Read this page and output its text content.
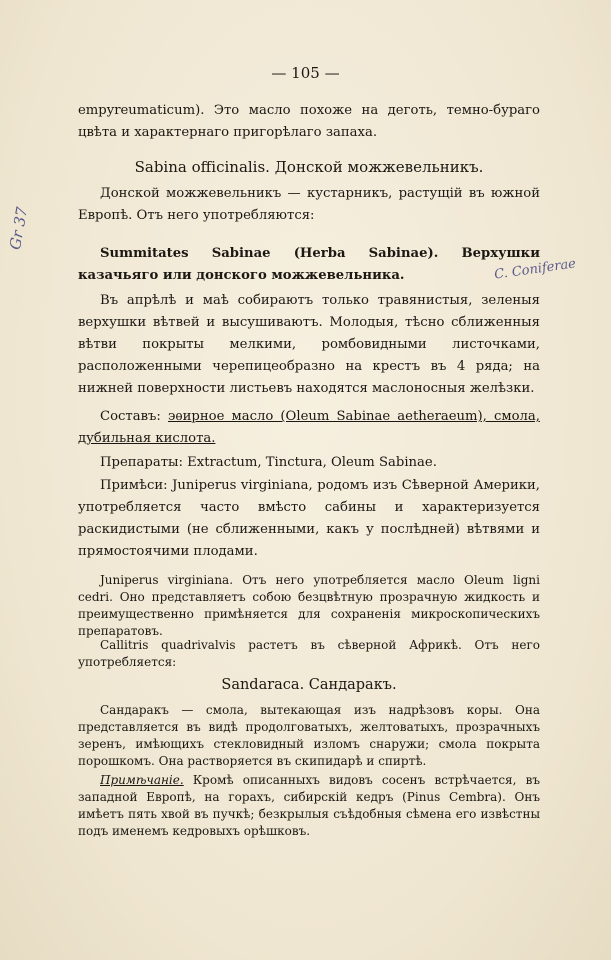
— 105 —
empyreumaticum). Это масло похоже на деготь, темно-бураго цвѣта и характернаго пригорѣлаго запаха.
Sabina officinalis. Донской можжевельникъ.
Донской можжевельникъ — кустарникъ, растущій въ южной Европѣ. Отъ него употребляются:
Summitates Sabinae (Herba Sabinae). Верхушки казачьяго или донского можжевельника.	C. Coniferae
Gr 37
Въ апрѣлѣ и маѣ собираютъ только травянистыя, зеленыя верхушки вѣтвей и высушиваютъ. Молодыя, тѣсно сближенныя вѣтви покрыты мелкими, ромбовидными листочками, расположенными черепицеобразно на крестъ въ 4 ряда; на нижней поверхности листьевъ находятся маслоносныя желѣзки.
Составъ: эѳирное масло (Oleum Sabinae aetheraeum), смола, дубильная кислота.
Препараты: Extractum, Tinctura, Oleum Sabinae.
Примѣси: Juniperus virginiana, родомъ изъ Сѣверной Америки, употребляется часто вмѣсто сабины и характеризуется раскидистыми (не сближенными, какъ у послѣдней) вѣтвями и прямостоячими плодами.
Juniperus virginiana. Отъ него употребляется масло Oleum ligni cedri. Оно представляетъ собою безцвѣтную прозрачную жидкость и преимущественно примѣняется для сохраненія микроскопическихъ препаратовъ.
Callitris quadrivalvis растетъ въ сѣверной Африкѣ. Отъ него употребляется:
Sandaraca. Сандаракъ.
Сандаракъ — смола, вытекающая изъ надрѣзовъ коры. Она представляется въ видѣ продолговатыхъ, желтоватыхъ, прозрачныхъ зеренъ, имѣющихъ стекловидный изломъ снаружи; смола покрыта порошкомъ. Она растворяется въ скипидарѣ и спиртѣ.
Примѣчаніе. Кромѣ описанныхъ видовъ сосенъ встрѣчается, въ западной Европѣ, на горахъ, сибирскій кедръ (Pinus Cembra). Онъ имѣетъ пять хвой въ пучкѣ; безкрылыя съѣдобныя сѣмена его извѣстны подъ именемъ кедровыхъ орѣшковъ.
